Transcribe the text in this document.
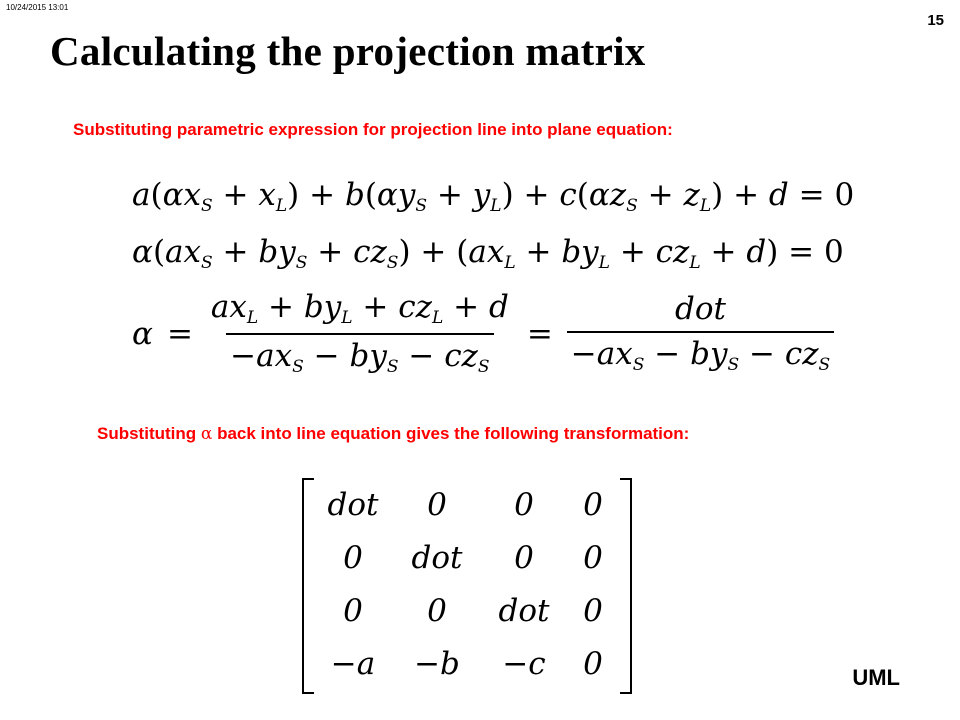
10/24/2015 13:01
15
Calculating the projection matrix

Substituting parametric expression for projection line into plane equation:

$a(\alpha x_S + x_L) + b(\alpha y_S + y_L) + c(\alpha z_S + z_L) + d = 0$
$\alpha(ax_S + by_S + cz_S) + (ax_L + by_L + cz_L + d) = 0$
$\alpha = \frac{ax_L + by_L + cz_L + d}{-ax_S - by_S - cz_S} = \frac{\text{dot}}{-ax_S - by_S - cz_S}$

Substituting α back into line equation gives the following transformation:

dot 0 0 0
0 dot 0 0
0 0 dot 0
−a −b −c 0	UML
